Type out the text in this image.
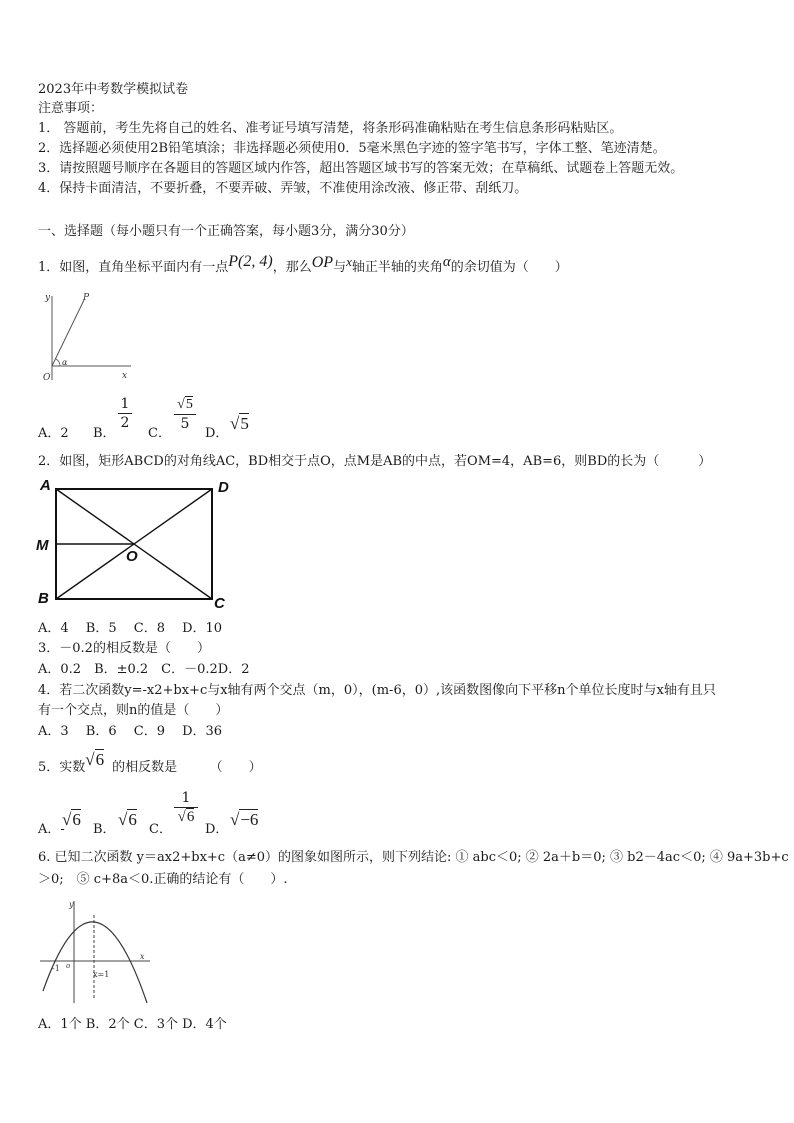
2023年中考数学模拟试卷
注意事项：
1． 答题前，考生先将自己的姓名、准考证号填写清楚，将条形码准确粘贴在考生信息条形码粘贴区。
2．选择题必须使用2B铅笔填涂；非选择题必须使用0．5毫米黑色字迹的签字笔书写，字体工整、笔迹清楚。
3．请按照题号顺序在各题目的答题区域内作答，超出答题区域书写的答案无效；在草稿纸、试题卷上答题无效。
4．保持卡面清洁，不要折叠，不要弄破、弄皱，不准使用涂改液、修正带、刮纸刀。
一、选择题（每小题只有一个正确答案，每小题3分，满分30分）
1．如图，直角坐标平面内有一点P(2, 4)，那么OP与x轴正半轴的夹角α的余切值为（　　）
y
x
O
P
α
A．2 B．
1
2
C．
√5
5
D．
√5
2．如图，矩形ABCD的对角线AC，BD相交于点O，点M是AB的中点，若OM=4，AB=6，则BD的长为（　　　）
A	D
M
O
B	C
A．4　 B．5　 C．8　 D．10
3．－0.2的相反数是（　　）
A．0.2　B．±0.2　C．－0.2D．2
4．若二次函数y=-x2+bx+c与x轴有两个交点（m，0），(m-6，0）,该函数图像向下平移n个单位长度时与x轴有且只
有一个交点，则n的值是（　　）
A．3　 B．6　 C．9　 D．36
5．实数√6 的相反数是　　　（　　）
A．-
√6
B．
√6
C．
1
√6
D．
√−6
6. 已知二次函数 y＝ax2+bx+c（a≠0）的图象如图所示，则下列结论: ① abc＜0; ② 2a＋b＝0; ③ b2－4ac＜0; ④ 9a+3b+c
＞0;　⑤ c+8a＜0.正确的结论有（　　）.
y
x
-1 o
x=1
A．1个 B．2个 C．3个 D．4个
